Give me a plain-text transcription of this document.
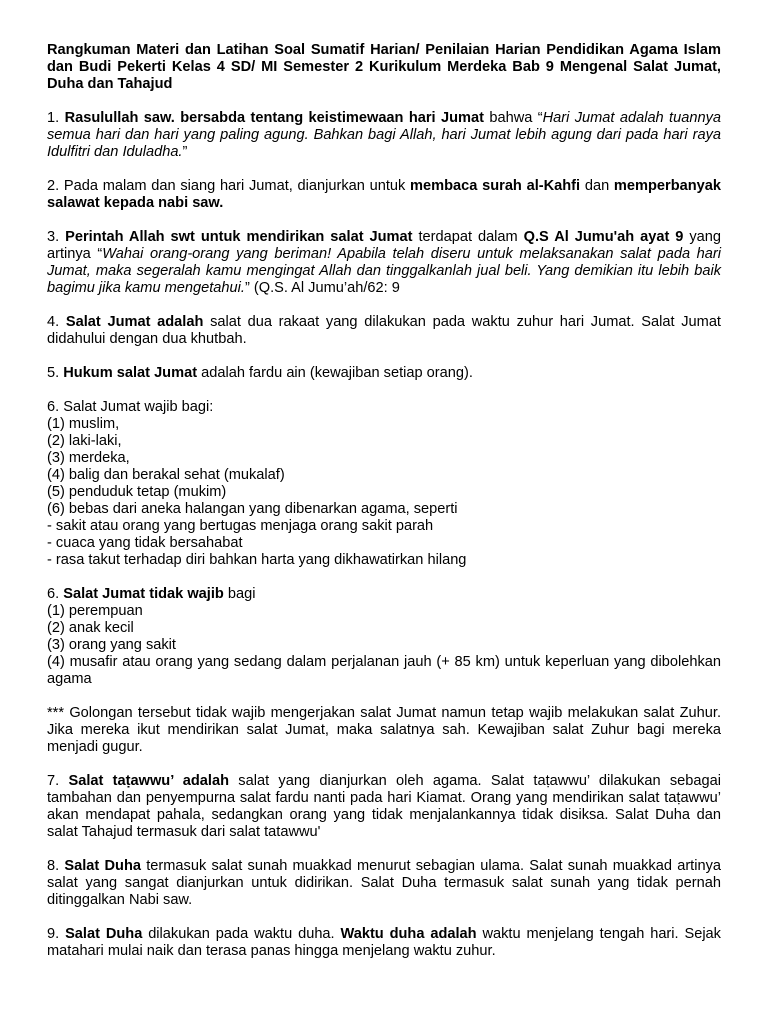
Rangkuman Materi dan Latihan Soal Sumatif Harian/ Penilaian Harian Pendidikan Agama Islam dan Budi Pekerti Kelas 4 SD/ MI Semester 2 Kurikulum Merdeka Bab 9 Mengenal Salat Jumat, Duha dan Tahajud
1. Rasulullah saw. bersabda tentang keistimewaan hari Jumat bahwa “Hari Jumat adalah tuannya semua hari dan hari yang paling agung. Bahkan bagi Allah, hari Jumat lebih agung dari pada hari raya Idulfitri dan Iduladha.”
2. Pada malam dan siang hari Jumat, dianjurkan untuk membaca surah al-Kahfi dan memperbanyak salawat kepada nabi saw.
3. Perintah Allah swt untuk mendirikan salat Jumat terdapat dalam Q.S Al Jumu'ah ayat 9 yang artinya “Wahai orang-orang yang beriman! Apabila telah diseru untuk melaksanakan salat pada hari Jumat, maka segeralah kamu mengingat Allah dan tinggalkanlah jual beli. Yang demikian itu lebih baik bagimu jika kamu mengetahui.” (Q.S. Al Jumu’ah/62: 9
4. Salat Jumat adalah salat dua rakaat yang dilakukan pada waktu zuhur hari Jumat. Salat Jumat didahului dengan dua khutbah.
5. Hukum salat Jumat adalah fardu ain (kewajiban setiap orang).
6. Salat Jumat wajib bagi:
(1) muslim,
(2) laki-laki,
(3) merdeka,
(4) balig dan berakal sehat (mukalaf)
(5) penduduk tetap (mukim)
(6) bebas dari aneka halangan yang dibenarkan agama, seperti
- sakit atau orang yang bertugas menjaga orang sakit parah
- cuaca yang tidak bersahabat
- rasa takut terhadap diri bahkan harta yang dikhawatirkan hilang
6. Salat Jumat tidak wajib bagi
(1) perempuan
(2) anak kecil
(3) orang yang sakit
(4) musafir atau orang yang sedang dalam perjalanan jauh (+ 85 km) untuk keperluan yang dibolehkan agama
*** Golongan tersebut tidak wajib mengerjakan salat Jumat namun tetap wajib melakukan salat Zuhur. Jika mereka ikut mendirikan salat Jumat, maka salatnya sah. Kewajiban salat Zuhur bagi mereka menjadi gugur.
7. Salat taṭawwu’ adalah salat yang dianjurkan oleh agama. Salat taṭawwu’ dilakukan sebagai tambahan dan penyempurna salat fardu nanti pada hari Kiamat. Orang yang mendirikan salat taṭawwu’ akan mendapat pahala, sedangkan orang yang tidak menjalankannya tidak disiksa. Salat Duha dan salat Tahajud termasuk dari salat tatawwu'
8. Salat Duha termasuk salat sunah muakkad menurut sebagian ulama. Salat sunah muakkad artinya salat yang sangat dianjurkan untuk didirikan. Salat Duha termasuk salat sunah yang tidak pernah ditinggalkan Nabi saw.
9. Salat Duha dilakukan pada waktu duha. Waktu duha adalah waktu menjelang tengah hari. Sejak matahari mulai naik dan terasa panas hingga menjelang waktu zuhur.
